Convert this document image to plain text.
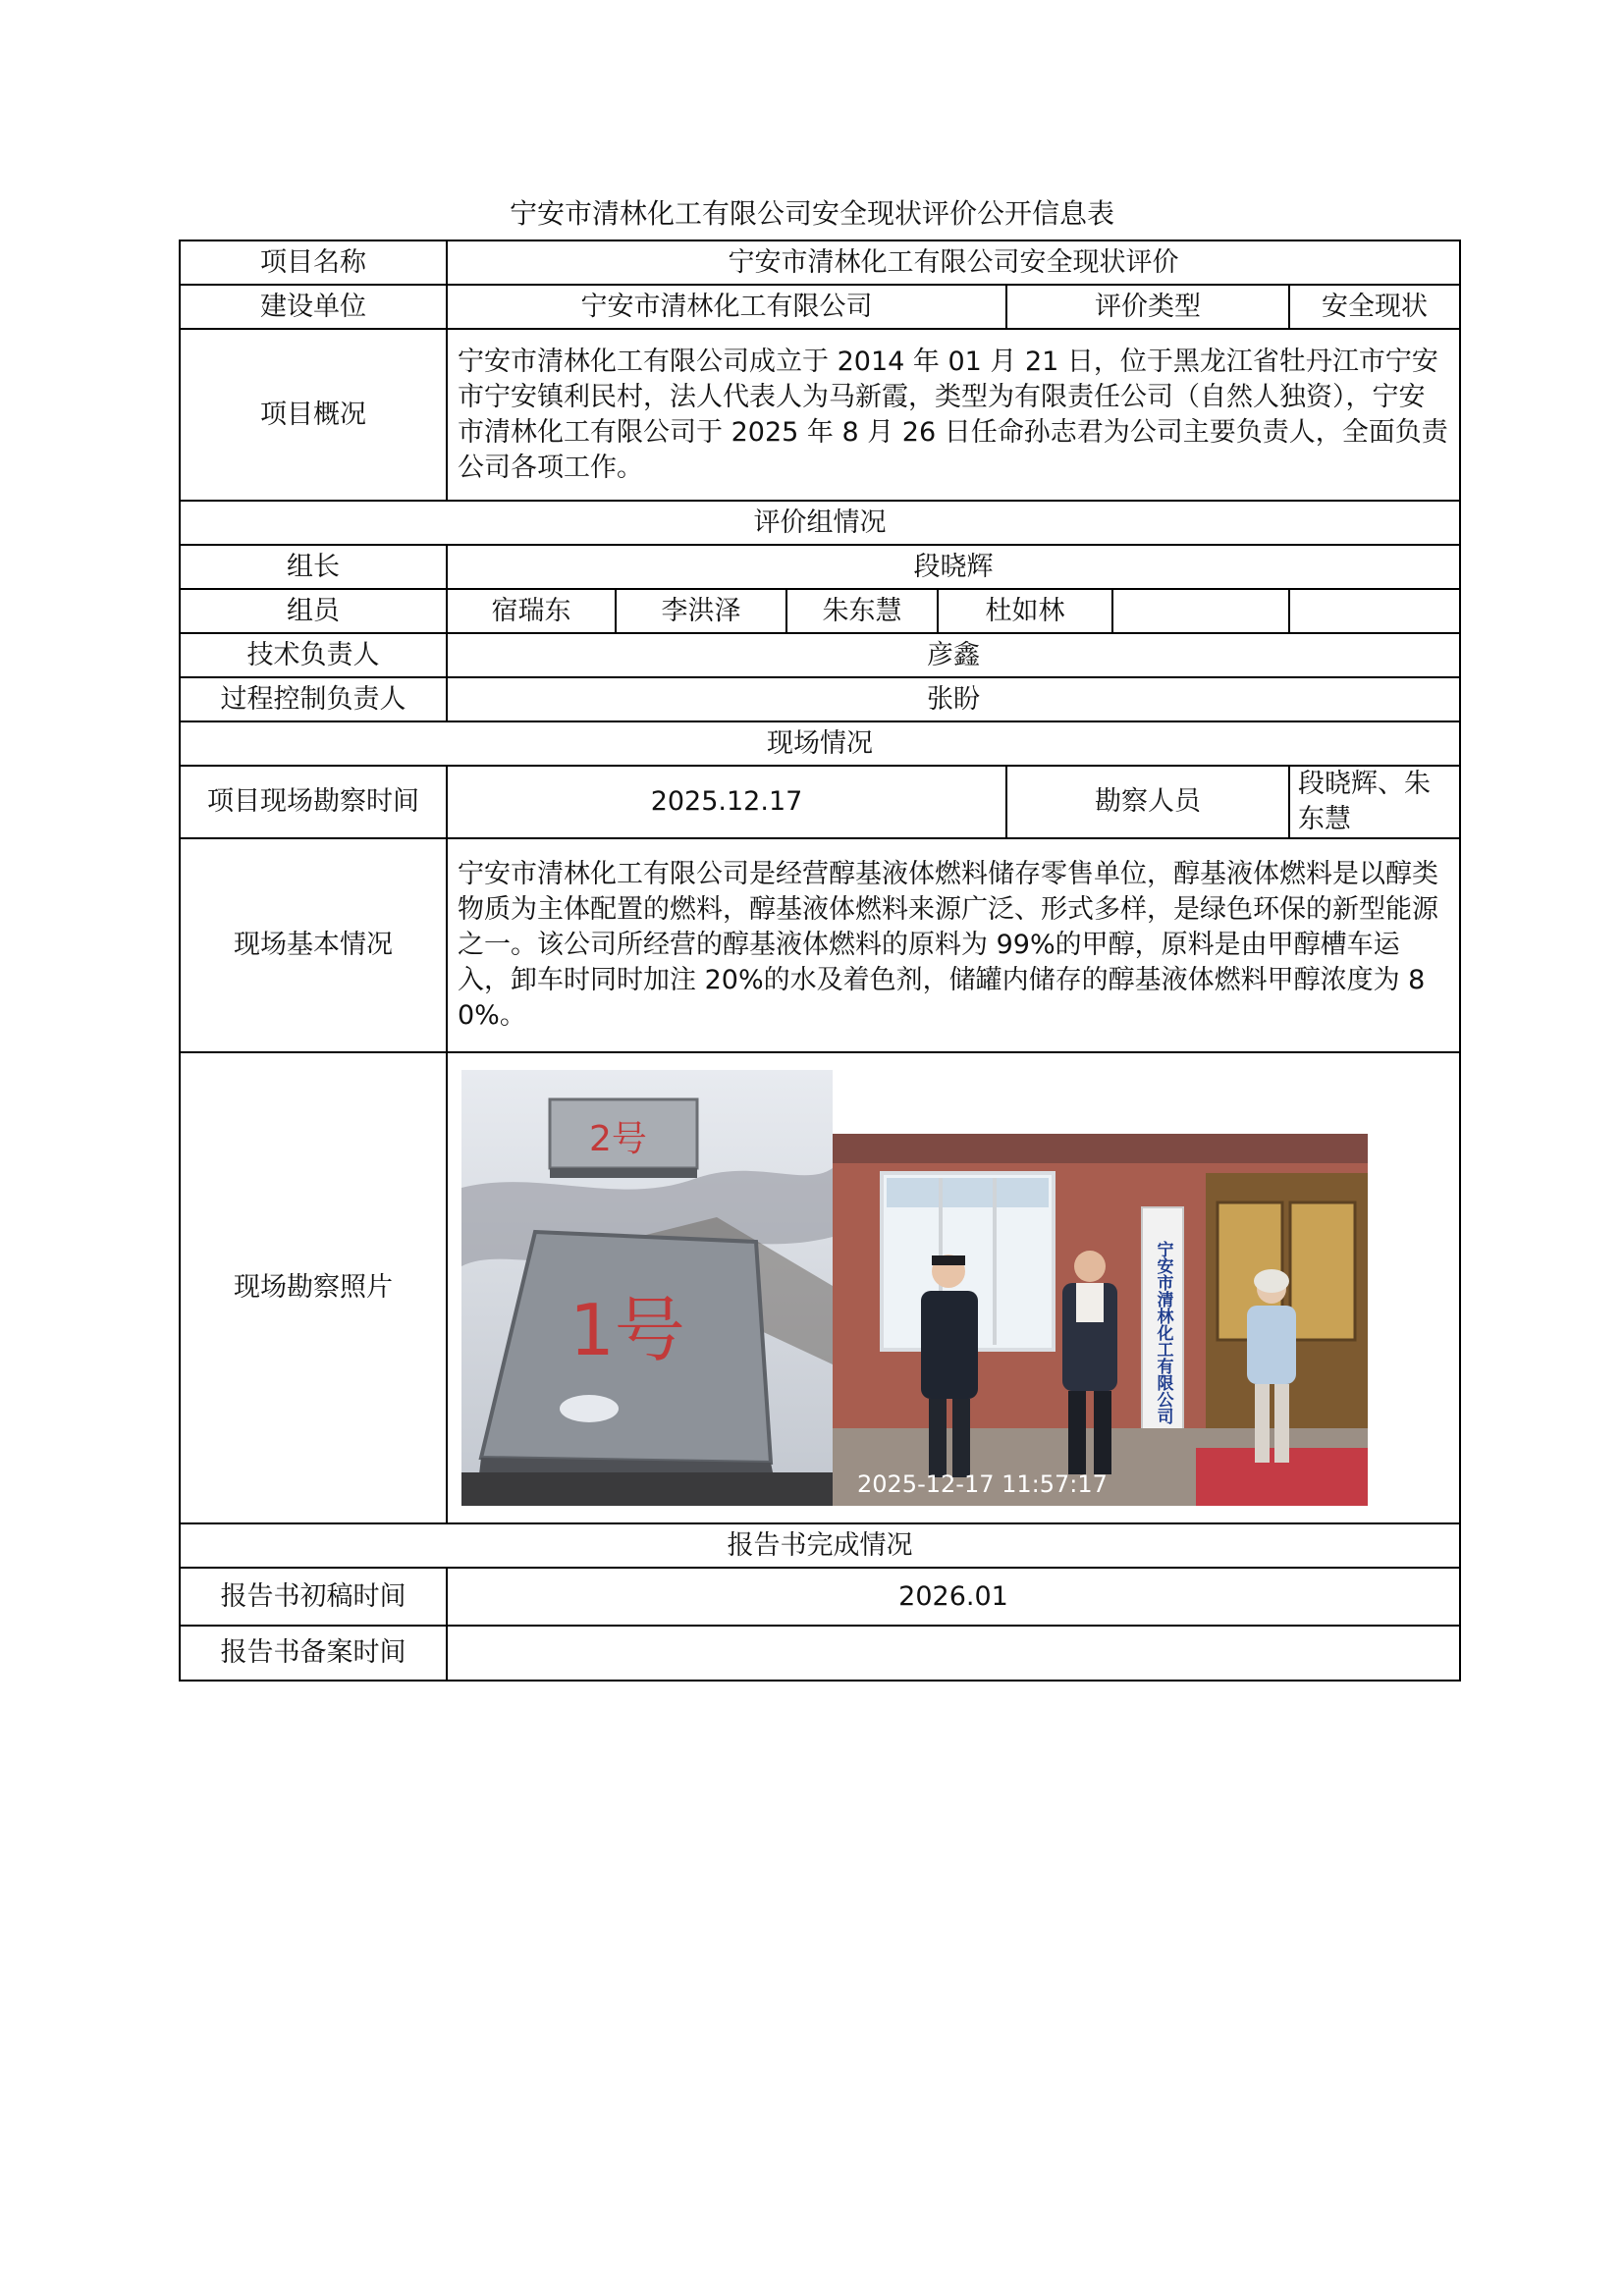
宁安市清林化工有限公司安全现状评价公开信息表
项目名称	宁安市清林化工有限公司安全现状评价						
建设单位	宁安市清林化工有限公司				评价类型		安全现状
项目概况	宁安市清林化工有限公司成立于 2014 年 01 月 21 日，位于黑龙江省牡丹江市宁安市宁安镇利民村，法人代表人为马新霞，类型为有限责任公司（自然人独资），宁安市清林化工有限公司于 2025 年 8 月 26 日任命孙志君为公司主要负责人，全面负责公司各项工作。						
评价组情况							
组长	段晓辉						
组员	宿瑞东	李洪泽	朱东慧	杜如林			
技术负责人	彦鑫						
过程控制负责人	张盼						
现场情况							
项目现场勘察时间	2025.12.17				勘察人员		段晓辉、朱东慧
现场基本情况	宁安市清林化工有限公司是经营醇基液体燃料储存零售单位，醇基液体燃料是以醇类物质为主体配置的燃料，醇基液体燃料来源广泛、形式多样，是绿色环保的新型能源之一。该公司所经营的醇基液体燃料的原料为 99%的甲醇，原料是由甲醇槽车运入，卸车时同时加注 20%的水及着色剂，储罐内储存的醇基液体燃料甲醇浓度为 80%。						
现场勘察照片	2号
1号 宁安市清林化工有限公司
2025-12-17 11:57:17						

报告书完成情况							
报告书初稿时间	2026.01						
报告书备案时间							
